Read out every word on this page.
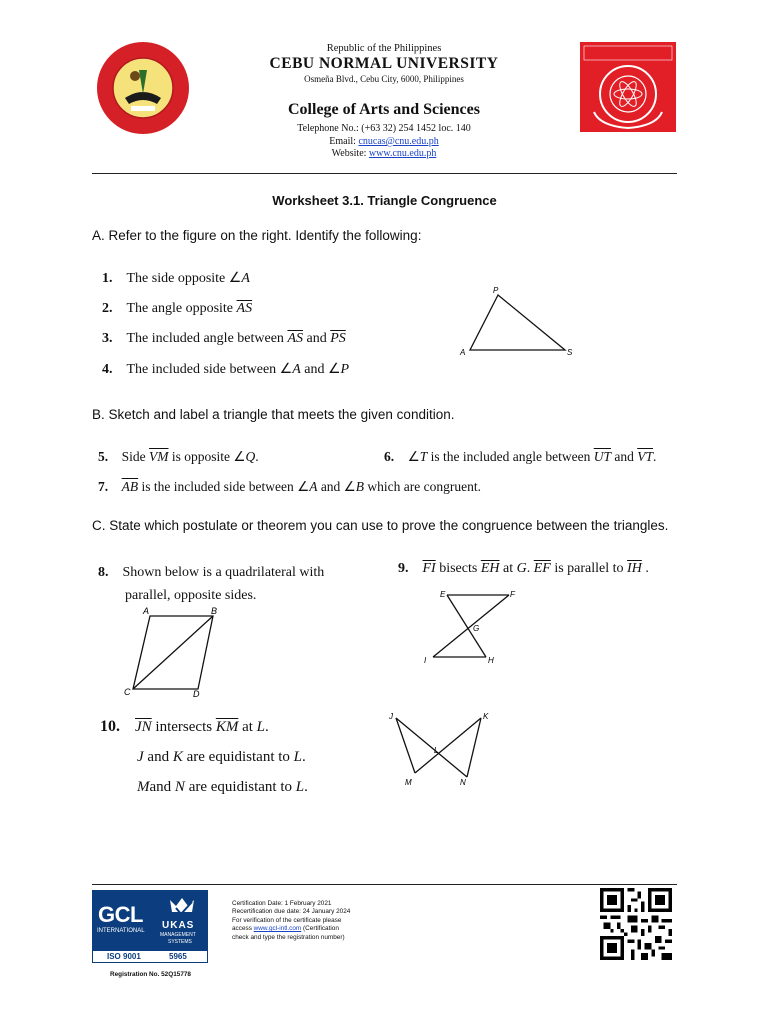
Republic of the Philippines
CEBU NORMAL UNIVERSITY
Osmeña Blvd., Cebu City, 6000, Philippines
College of Arts and Sciences
Telephone No.: (+63 32) 254 1452 loc. 140
Email: cnucas@cnu.edu.ph
Website: www.cnu.edu.ph
Worksheet 3.1. Triangle Congruence
A. Refer to the figure on the right. Identify the following:
1. The side opposite ∠A
2. The angle opposite $\overline{AS}$
3. The included angle between $\overline{AS}$ and $\overline{PS}$
4. The included side between ∠A and ∠P
P
A	S
B. Sketch and label a triangle that meets the given condition.
5. Side $\overline{VM}$ is opposite ∠Q.	6. ∠T is the included angle between $\overline{UT}$ and $\overline{VT}$.
7. $\overline{AB}$ is the included side between ∠A and ∠B which are congruent.
C. State which postulate or theorem you can use to prove the congruence between the triangles.
8. Shown below is a quadrilateral with
parallel, opposite sides.
A	B
C	D
9. $\overline{FI}$ bisects $\overline{EH}$ at G. $\overline{EF}$ is parallel to $\overline{IH}$ .
E	F
G
I	H
10. $\overline{JN}$ intersects $\overline{KM}$ at L.
J and K are equidistant to L.
Mand N are equidistant to L.
J	K
L
M	N
GCL
INTERNATIONAL UKAS
MANAGEMENT
SYSTEMS
ISO 9001	5965
Certification Date: 1 February 2021
Recertification due date: 24 January 2024
For verification of the certificate please
access www.gcl-intl.com (Certification
check and type the registration number)
Registration No. 52Q15778
